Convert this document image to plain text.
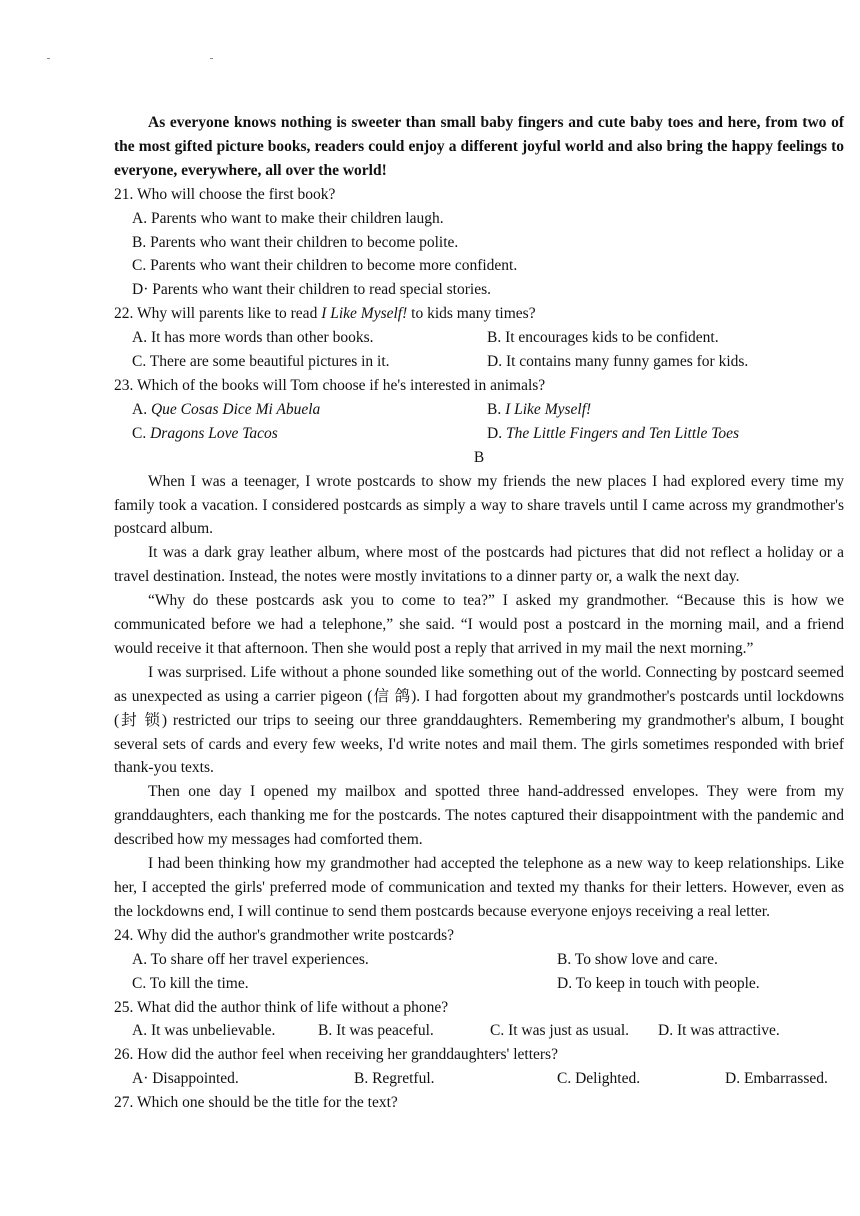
As everyone knows nothing is sweeter than small baby fingers and cute baby toes and here, from two of the most gifted picture books, readers could enjoy a different joyful world and also bring the happy feelings to everyone, everywhere, all over the world!

21. Who will choose the first book?

A. Parents who want to make their children laugh.

B. Parents who want their children to become polite.

C. Parents who want their children to become more confident.

D· Parents who want their children to read special stories.

22. Why will parents like to read I Like Myself! to kids many times?

A. It has more words than other books.	B. It encourages kids to be confident.
C. There are some beautiful pictures in it.	D. It contains many funny games for kids.

23. Which of the books will Tom choose if he's interested in animals?

A. Que Cosas Dice Mi Abuela	B. I Like Myself!
C. Dragons Love Tacos	D. The Little Fingers and Ten Little Toes

B

When I was a teenager, I wrote postcards to show my friends the new places I had explored every time my family took a vacation. I considered postcards as simply a way to share travels until I came across my grandmother's postcard album.

It was a dark gray leather album, where most of the postcards had pictures that did not reflect a holiday or a travel destination. Instead, the notes were mostly invitations to a dinner party or, a walk the next day.

“Why do these postcards ask you to come to tea?” I asked my grandmother. “Because this is how we communicated before we had a telephone,” she said. “I would post a postcard in the morning mail, and a friend would receive it that afternoon. Then she would post a reply that arrived in my mail the next morning.”

I was surprised. Life without a phone sounded like something out of the world. Connecting by postcard seemed as unexpected as using a carrier pigeon (信 鸽). I had forgotten about my grandmother's postcards until lockdowns (封 锁) restricted our trips to seeing our three granddaughters. Remembering my grandmother's album, I bought several sets of cards and every few weeks, I'd write notes and mail them. The girls sometimes responded with brief thank-you texts.

Then one day I opened my mailbox and spotted three hand-addressed envelopes. They were from my granddaughters, each thanking me for the postcards. The notes captured their disappointment with the pandemic and described how my messages had comforted them.

I had been thinking how my grandmother had accepted the telephone as a new way to keep relationships. Like her, I accepted the girls' preferred mode of communication and texted my thanks for their letters. However, even as the lockdowns end, I will continue to send them postcards because everyone enjoys receiving a real letter.

24. Why did the author's grandmother write postcards?

A. To share off her travel experiences.	B. To show love and care.
C. To kill the time.	D. To keep in touch with people.

25. What did the author think of life without a phone?

A. It was unbelievable.	B. It was peaceful.	C. It was just as usual.	D. It was attractive.

26. How did the author feel when receiving her granddaughters' letters?

A· Disappointed.	B. Regretful.	C. Delighted.	D. Embarrassed.

27. Which one should be the title for the text?
